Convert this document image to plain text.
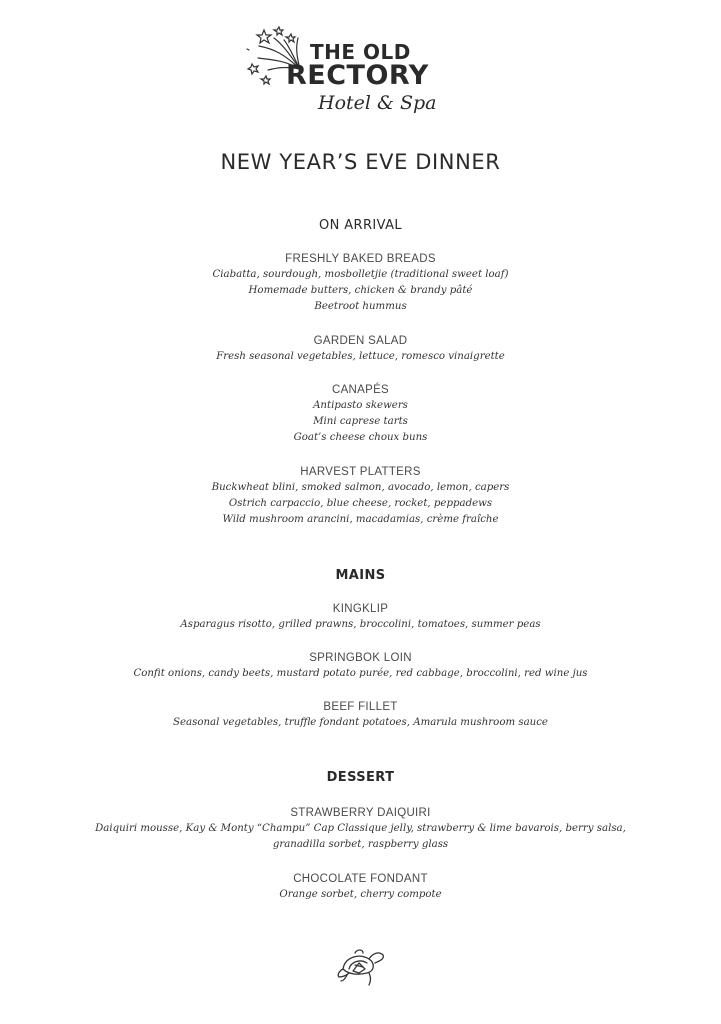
THE OLD
RECTORY
Hotel & Spa
NEW YEAR’S EVE DINNER
ON ARRIVAL
FRESHLY BAKED BREADS
Ciabatta, sourdough, mosbolletjie (traditional sweet loaf)
Homemade butters, chicken & brandy pâté
Beetroot hummus
GARDEN SALAD
Fresh seasonal vegetables, lettuce, romesco vinaigrette
CANAPÉS
Antipasto skewers
Mini caprese tarts
Goat’s cheese choux buns
HARVEST PLATTERS
Buckwheat blini, smoked salmon, avocado, lemon, capers
Ostrich carpaccio, blue cheese, rocket, peppadews
Wild mushroom arancini, macadamias, crème fraîche
MAINS
KINGKLIP
Asparagus risotto, grilled prawns, broccolini, tomatoes, summer peas
SPRINGBOK LOIN
Confit onions, candy beets, mustard potato purée, red cabbage, broccolini, red wine jus
BEEF FILLET
Seasonal vegetables, truffle fondant potatoes, Amarula mushroom sauce
DESSERT
STRAWBERRY DAIQUIRI
Daiquiri mousse, Kay & Monty “Champu” Cap Classique jelly, strawberry & lime bavarois, berry salsa,
granadilla sorbet, raspberry glass
CHOCOLATE FONDANT
Orange sorbet, cherry compote
